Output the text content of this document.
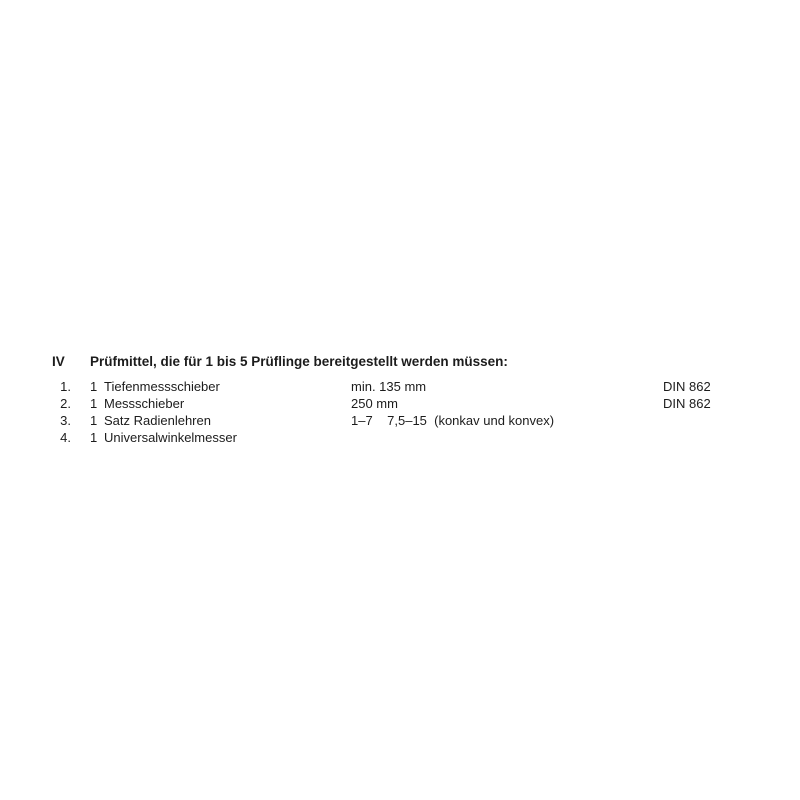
IV Prüfmittel, die für 1 bis 5 Prüflinge bereitgestellt werden müssen:
1. 1 Tiefenmessschieber	min. 135 mm	DIN 862
2. 1 Messschieber	250 mm	DIN 862
3. 1 Satz Radienlehren	1–7    7,5–15  (konkav und konvex)
4. 1 Universalwinkelmesser
